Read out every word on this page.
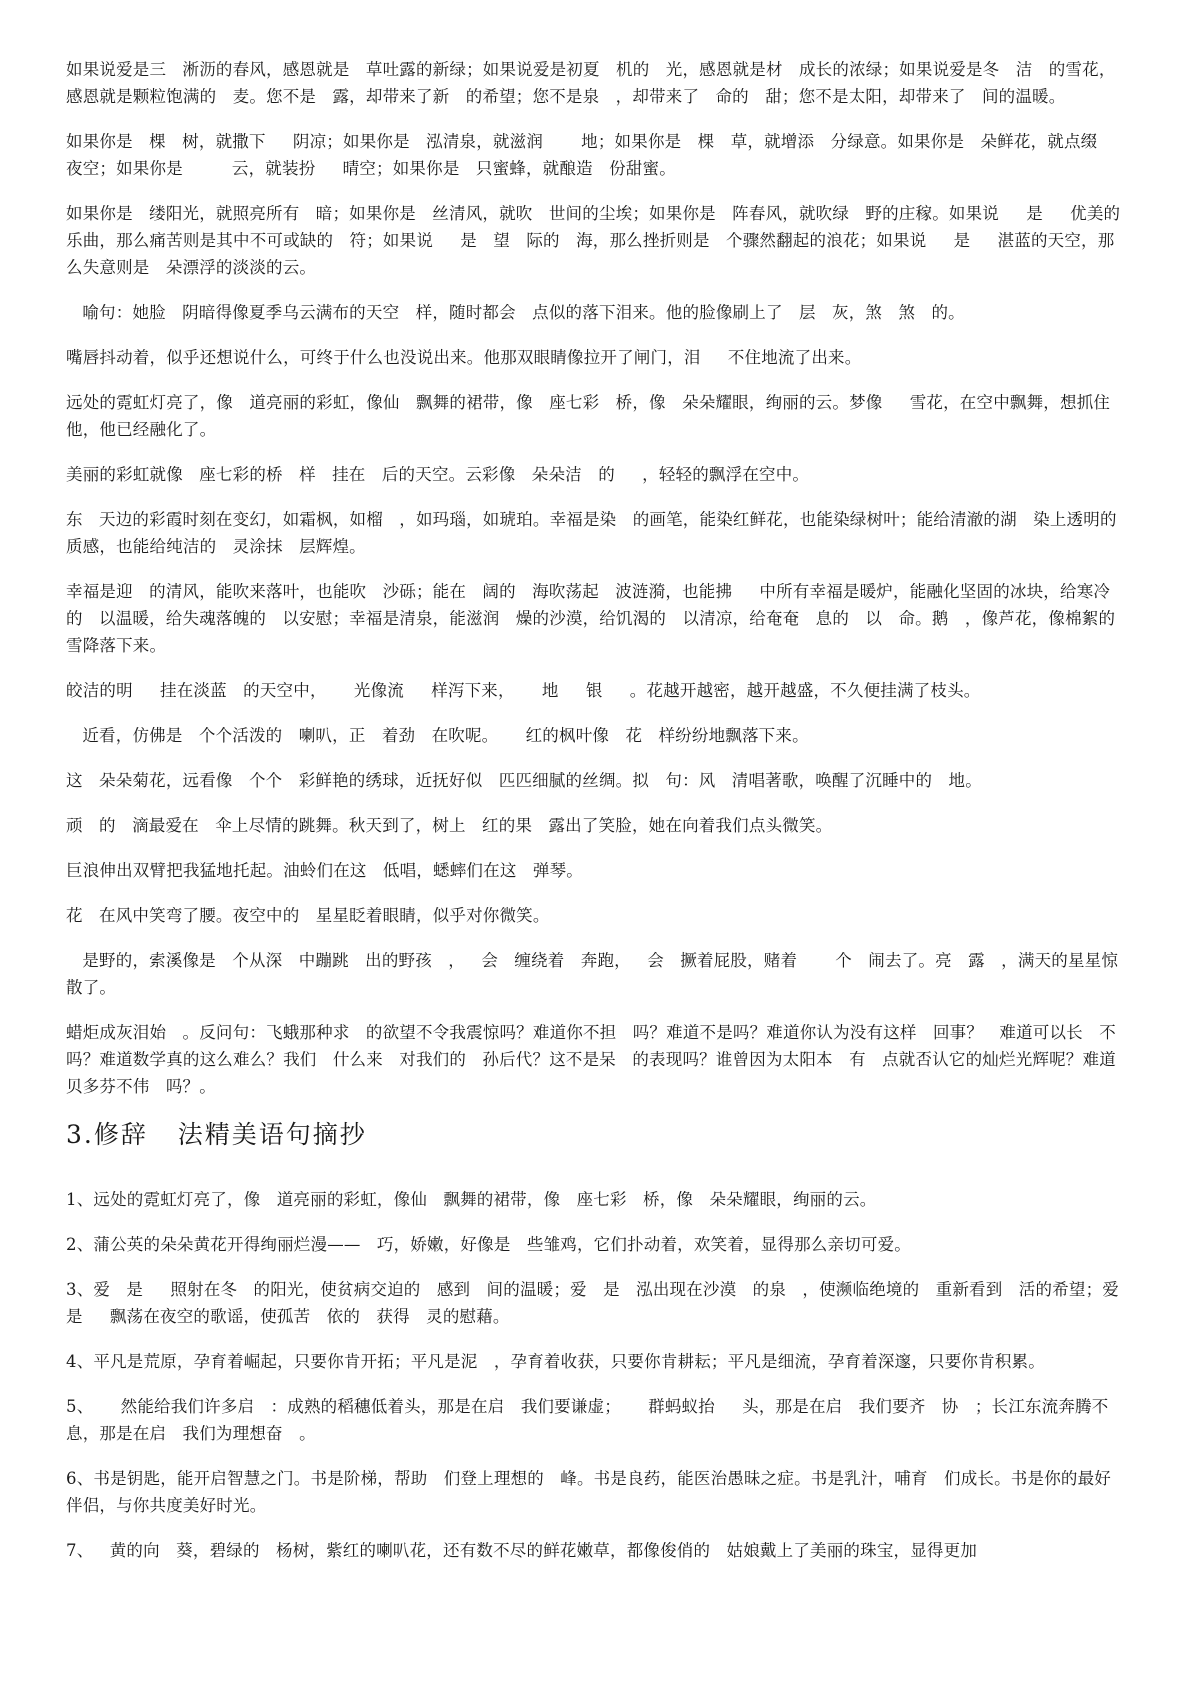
如果说爱是三   淅沥的春风，感恩就是   草吐露的新绿；如果说爱是初夏   机的   光，感恩就是材   成长的浓绿；如果说爱是冬   洁   的雪花，感恩就是颗粒饱满的   麦。您不是   露，却带来了新   的希望；您不是泉   ，却带来了   命的   甜；您不是太阳，却带来了   间的温暖。

如果你是   棵   树，就撒下     阴凉；如果你是   泓清泉，就滋润       地；如果你是   棵   草，就增添   分绿意。如果你是   朵鲜花，就点缀     夜空；如果你是         云，就装扮     晴空；如果你是   只蜜蜂，就酿造   份甜蜜。

如果你是   缕阳光，就照亮所有   暗；如果你是   丝清风，就吹   世间的尘埃；如果你是   阵春风，就吹绿   野的庄稼。如果说     是     优美的乐曲，那么痛苦则是其中不可或缺的   符；如果说     是   望   际的   海，那么挫折则是   个骤然翻起的浪花；如果说     是     湛蓝的天空，那么失意则是   朵漂浮的淡淡的云。

喻句：她脸   阴暗得像夏季乌云满布的天空   样，随时都会   点似的落下泪来。他的脸像刷上了   层   灰，煞   煞   的。

嘴唇抖动着，似乎还想说什么，可终于什么也没说出来。他那双眼睛像拉开了闸门，泪     不住地流了出来。

远处的霓虹灯亮了，像   道亮丽的彩虹，像仙   飘舞的裙带，像   座七彩   桥，像   朵朵耀眼，绚丽的云。梦像     雪花，在空中飘舞，想抓住他，他已经融化了。

美丽的彩虹就像   座七彩的桥   样   挂在   后的天空。云彩像   朵朵洁   的     ，轻轻的飘浮在空中。

东   天边的彩霞时刻在变幻，如霜枫，如榴   ，如玛瑙，如琥珀。幸福是染   的画笔，能染红鲜花，也能染绿树叶；能给清澈的湖   染上透明的质感，也能给纯洁的   灵涂抹   层辉煌。

幸福是迎   的清风，能吹来落叶，也能吹   沙砾；能在   阔的   海吹荡起   波涟漪，也能拂     中所有幸福是暖炉，能融化坚固的冰块，给寒冷的   以温暖，给失魂落魄的   以安慰；幸福是清泉，能滋润   燥的沙漠，给饥渴的   以清凉，给奄奄   息的   以   命。鹅   ，像芦花，像棉絮的   雪降落下来。

皎洁的明     挂在淡蓝   的天空中，     光像流     样泻下来，     地     银     。花越开越密，越开越盛，不久便挂满了枝头。

近看，仿佛是   个个活泼的   喇叭，正   着劲   在吹呢。     红的枫叶像   花   样纷纷地飘落下来。

这   朵朵菊花，远看像   个个   彩鲜艳的绣球，近抚好似   匹匹细腻的丝绸。拟   句：风   清唱著歌，唤醒了沉睡中的   地。

顽   的   滴最爱在   伞上尽情的跳舞。秋天到了，树上   红的果   露出了笑脸，她在向着我们点头微笑。

巨浪伸出双臂把我猛地托起。油蛉们在这   低唱，蟋蟀们在这   弹琴。

花   在风中笑弯了腰。夜空中的   星星眨着眼睛，似乎对你微笑。

是野的，索溪像是   个从深   中蹦跳   出的野孩   ，   会   缠绕着   奔跑，   会   撅着屁股，赌着       个   闹去了。亮   露   ，满天的星星惊散了。

蜡炬成灰泪始   。反问句：飞蛾那种求   的欲望不令我震惊吗？难道你不担   吗？难道不是吗？难道你认为没有这样   回事？   难道可以长   不   吗？难道数学真的这么难么？我们   什么来   对我们的   孙后代？这不是呆   的表现吗？谁曾因为太阳本   有   点就否认它的灿烂光辉呢？难道贝多芬不伟   吗？。

3.修辞   法精美语句摘抄

1、远处的霓虹灯亮了，像   道亮丽的彩虹，像仙   飘舞的裙带，像   座七彩   桥，像   朵朵耀眼，绚丽的云。

2、蒲公英的朵朵黄花开得绚丽烂漫——   巧，娇嫩，好像是   些雏鸡，它们扑动着，欢笑着，显得那么亲切可爱。

3、爱   是     照射在冬   的阳光，使贫病交迫的   感到   间的温暖；爱   是   泓出现在沙漠   的泉   ，使濒临绝境的   重新看到   活的希望；爱   是     飘荡在夜空的歌谣，使孤苦   依的   获得   灵的慰藉。

4、平凡是荒原，孕育着崛起，只要你肯开拓；平凡是泥   ，孕育着收获，只要你肯耕耘；平凡是细流，孕育着深邃，只要你肯积累。

5、     然能给我们许多启   ：成熟的稻穗低着头，那是在启   我们要谦虚；     群蚂蚁抬     头，那是在启   我们要齐   协   ；长江东流奔腾不息，那是在启   我们为理想奋   。

6、书是钥匙，能开启智慧之门。书是阶梯，帮助   们登上理想的   峰。书是良药，能医治愚昧之症。书是乳汁，哺育   们成长。书是你的最好伴侣，与你共度美好时光。

7、   黄的向   葵，碧绿的   杨树，紫红的喇叭花，还有数不尽的鲜花嫩草，都像俊俏的   姑娘戴上了美丽的珠宝，显得更加
